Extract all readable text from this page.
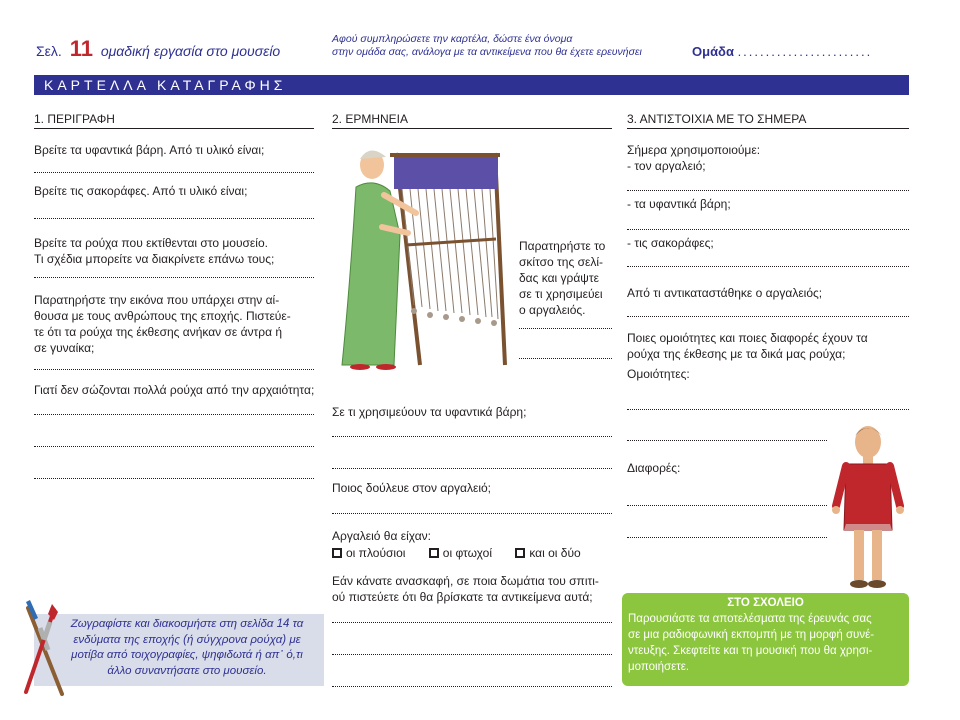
Σελ. 11 ομαδική εργασία στο μουσείο
Αφού συμπληρώσετε την καρτέλα, δώστε ένα όνομα
στην ομάδα σας, ανάλογα με τα αντικείμενα που θα έχετε ερευνήσει	Ομάδα ........................
ΚΑΡΤΕΛΛΑ ΚΑΤΑΓΡΑΦΗΣ
1. ΠΕΡΙΓΡΑΦΗ	2. ΕΡΜΗΝΕΙΑ	3. ΑΝΤΙΣΤΟΙΧΙΑ ΜΕ ΤΟ ΣΗΜΕΡΑ
Βρείτε τα υφαντικά βάρη. Από τι υλικό είναι;
Βρείτε τις σακοράφες. Από τι υλικό είναι;
Βρείτε τα ρούχα που εκτίθενται στο μουσείο.
Τι σχέδια μπορείτε να διακρίνετε επάνω τους;
Παρατηρήστε την εικόνα που υπάρχει στην αί-
θουσα με τους ανθρώπους της εποχής. Πιστεύε-
τε ότι τα ρούχα της έκθεσης ανήκαν σε άντρα ή
σε γυναίκα;
Γιατί δεν σώζονται πολλά ρούχα από την αρχαιότητα;
Ζωγραφίστε και διακοσμήστε στη σελίδα 14 τα
ενδύματα της εποχής (ή σύγχρονα ρούχα) με
μοτίβα από τοιχογραφίες, ψηφιδωτά ή απ᾽ ό,τι
άλλο συναντήσατε στο μουσείο.
Παρατηρήστε το
σκίτσο της σελί-
δας και γράψτε
σε τι χρησιμεύει
ο αργαλειός.
Σε τι χρησιμεύουν τα υφαντικά βάρη;
Ποιος δούλευε στον αργαλειό;
Αργαλειό θα είχαν:
οι πλούσιοι	οι φτωχοί	και οι δύο
Εάν κάνατε ανασκαφή, σε ποια δωμάτια του σπιτι-
ού πιστεύετε ότι θα βρίσκατε τα αντικείμενα αυτά;
Σήμερα χρησιμοποιούμε:
- τον αργαλειό;
- τα υφαντικά βάρη;
- τις σακοράφες;
Από τι αντικαταστάθηκε ο αργαλειός;
Ποιες ομοιότητες και ποιες διαφορές έχουν τα
ρούχα της έκθεσης με τα δικά μας ρούχα;
Ομοιότητες:
Διαφορές:
ΣΤΟ ΣΧΟΛΕΙΟ
Παρουσιάστε τα αποτελέσματα της έρευνάς σας
σε μια ραδιοφωνική εκπομπή με τη μορφή συνέ-
ντευξης. Σκεφτείτε και τη μουσική που θα χρησι-
μοποιήσετε.
